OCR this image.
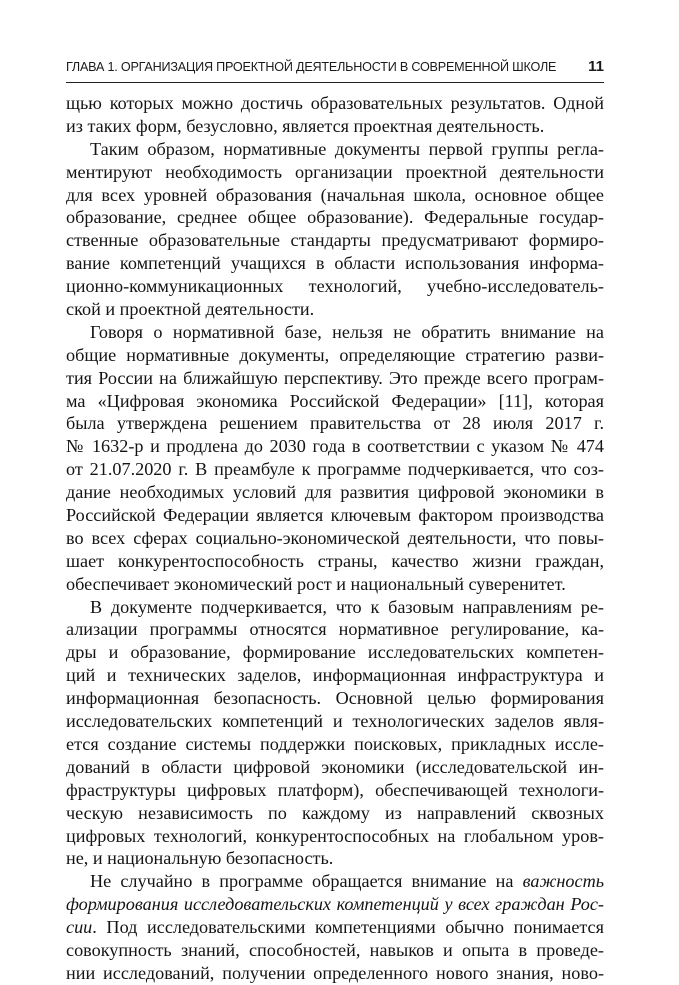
ГЛАВА 1. ОРГАНИЗАЦИЯ ПРОЕКТНОЙ ДЕЯТЕЛЬНОСТИ В СОВРЕМЕННОЙ ШКОЛЕ 11
щью которых можно достичь образовательных результатов. Одной
из таких форм, безусловно, является проектная деятельность.
Таким образом, нормативные документы первой группы регла-
ментируют необходимость организации проектной деятельности
для всех уровней образования (начальная школа, основное общее
образование, среднее общее образование). Федеральные государ-
ственные образовательные стандарты предусматривают формиро-
вание компетенций учащихся в области использования информа-
ционно-коммуникационных технологий, учебно-исследователь-
ской и проектной деятельности.
Говоря о нормативной базе, нельзя не обратить внимание на
общие нормативные документы, определяющие стратегию разви-
тия России на ближайшую перспективу. Это прежде всего програм-
ма «Цифровая экономика Российской Федерации» [11], которая
была утверждена решением правительства от 28 июля 2017 г.
№ 1632-р и продлена до 2030 года в соответствии с указом № 474
от 21.07.2020 г. В преамбуле к программе подчеркивается, что соз-
дание необходимых условий для развития цифровой экономики в
Российской Федерации является ключевым фактором производства
во всех сферах социально-экономической деятельности, что повы-
шает конкурентоспособность страны, качество жизни граждан,
обеспечивает экономический рост и национальный суверенитет.
В документе подчеркивается, что к базовым направлениям ре-
ализации программы относятся нормативное регулирование, ка-
дры и образование, формирование исследовательских компетен-
ций и технических заделов, информационная инфраструктура и
информационная безопасность. Основной целью формирования
исследовательских компетенций и технологических заделов явля-
ется создание системы поддержки поисковых, прикладных иссле-
дований в области цифровой экономики (исследовательской ин-
фраструктуры цифровых платформ), обеспечивающей технологи-
ческую независимость по каждому из направлений сквозных
цифровых технологий, конкурентоспособных на глобальном уров-
не, и национальную безопасность.
Не случайно в программе обращается внимание на важность
формирования исследовательских компетенций у всех граждан Рос-
сии. Под исследовательскими компетенциями обычно понимается
совокупность знаний, способностей, навыков и опыта в проведе-
нии исследований, получении определенного нового знания, ново-
